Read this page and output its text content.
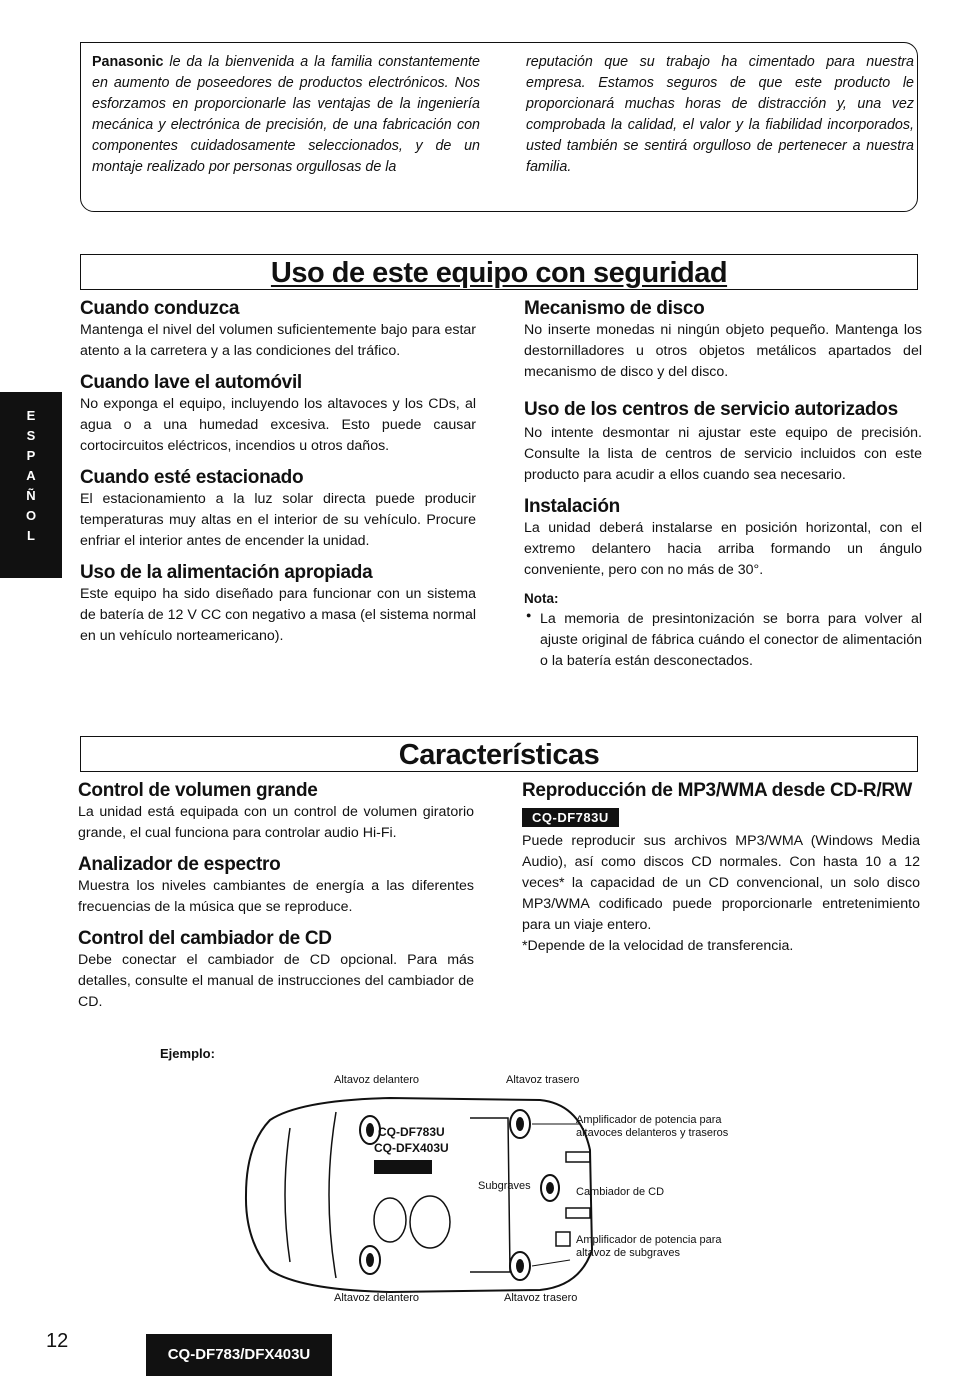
Panasonic le da la bienvenida a la familia constantemente en aumento de poseedores de productos electrónicos. Nos esforzamos en proporcionarle las ventajas de la ingeniería mecánica y electrónica de precisión, de una fabricación con componentes cuidadosamente seleccionados, y de un montaje realizado por personas orgullosas de la
reputación que su trabajo ha cimentado para nuestra empresa. Estamos seguros de que este producto le proporcionará muchas horas de distracción y, una vez comprobada la calidad, el valor y la fiabilidad incorporados, usted también se sentirá orgulloso de pertenecer a nuestra familia.
E
S
P
A
Ñ
O
L
Uso de este equipo con seguridad
Cuando conduzca

Mantenga el nivel del volumen suficientemente bajo para estar atento a la carretera y a las condiciones del tráfico.

Cuando lave el automóvil

No exponga el equipo, incluyendo los altavoces y los CDs, al agua o a una humedad excesiva. Esto puede causar cortocircuitos eléctricos, incendios u otros daños.

Cuando esté estacionado

El estacionamiento a la luz solar directa puede producir temperaturas muy altas en el interior de su vehículo. Procure enfriar el interior antes de encender la unidad.

Uso de la alimentación apropiada

Este equipo ha sido diseñado para funcionar con un sistema de batería de 12 V CC con negativo a masa (el sistema normal en un vehículo norteamericano).

Mecanismo de disco

No inserte monedas ni ningún objeto pequeño. Mantenga los destornilladores u otros objetos metálicos apartados del mecanismo de disco y del disco.

Uso de los centros de servicio autorizados

No intente desmontar ni ajustar este equipo de precisión. Consulte la lista de centros de servicio incluidos con este producto para acudir a ellos cuando sea necesario.

Instalación

La unidad deberá instalarse en posición horizontal, con el extremo delantero hacia arriba formando un ángulo conveniente, pero con no más de 30°.

Nota:

La memoria de presintonización se borra para volver al ajuste original de fábrica cuándo el conector de alimentación o la batería están desconectados.

Características
Control de volumen grande

La unidad está equipada con un control de volumen giratorio grande, el cual funciona para controlar audio Hi-Fi.

Analizador de espectro

Muestra los niveles cambiantes de energía a las diferentes frecuencias de la música que se reproduce.

Control del cambiador de CD

Debe conectar el cambiador de CD opcional. Para más detalles, consulte el manual de instrucciones del cambiador de CD.

Reproducción de MP3/WMA desde CD-R/RW
CQ-DF783U

Puede reproducir sus archivos MP3/WMA (Windows Media Audio), así como discos CD normales. Con hasta 10 a 12 veces* la capacidad de un CD convencional, un solo disco MP3/WMA codificado puede proporcionarle entretenimiento para un viaje entero.

*Depende de la velocidad de transferencia.

Ejemplo:
Altavoz delantero	Altavoz trasero
Altavoz delantero	Altavoz trasero
CQ-DF783U
CQ-DFX403U
Subgraves
Amplificador de potencia para altavoces delanteros y traseros
Cambiador de CD
Amplificador de potencia para altavoz de subgraves
12
CQ-DF783/DFX403U
